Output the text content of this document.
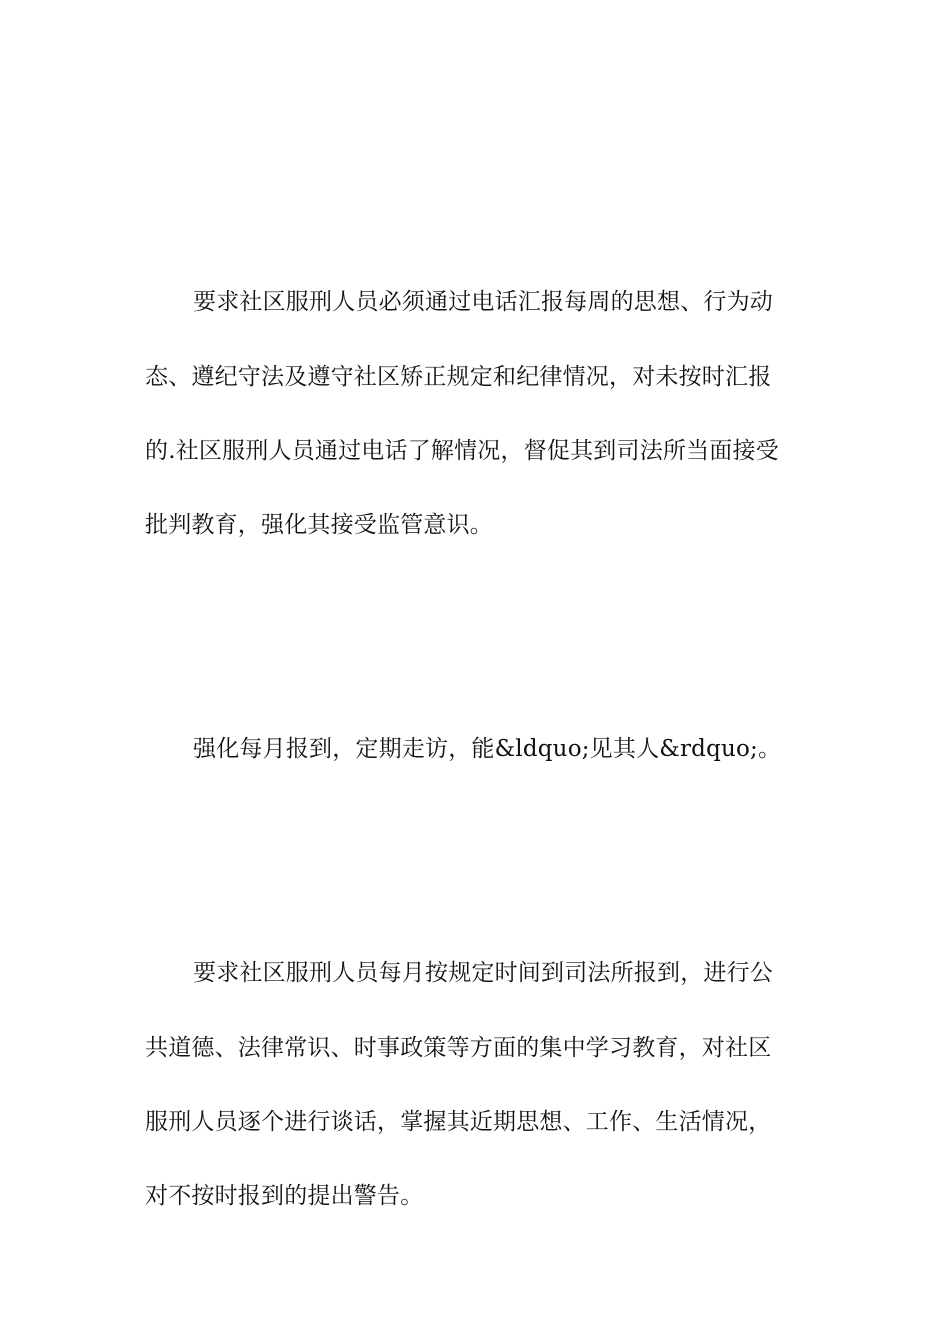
要求社区服刑人员必须通过电话汇报每周的思想、行为动
态、遵纪守法及遵守社区矫正规定和纪律情况，对未按时汇报
的.社区服刑人员通过电话了解情况，督促其到司法所当面接受
批判教育，强化其接受监管意识。
强化每月报到，定期走访，能&ldquo;见其人&rdquo;。
要求社区服刑人员每月按规定时间到司法所报到，进行公
共道德、法律常识、时事政策等方面的集中学习教育，对社区
服刑人员逐个进行谈话，掌握其近期思想、工作、生活情况，
对不按时报到的提出警告。
